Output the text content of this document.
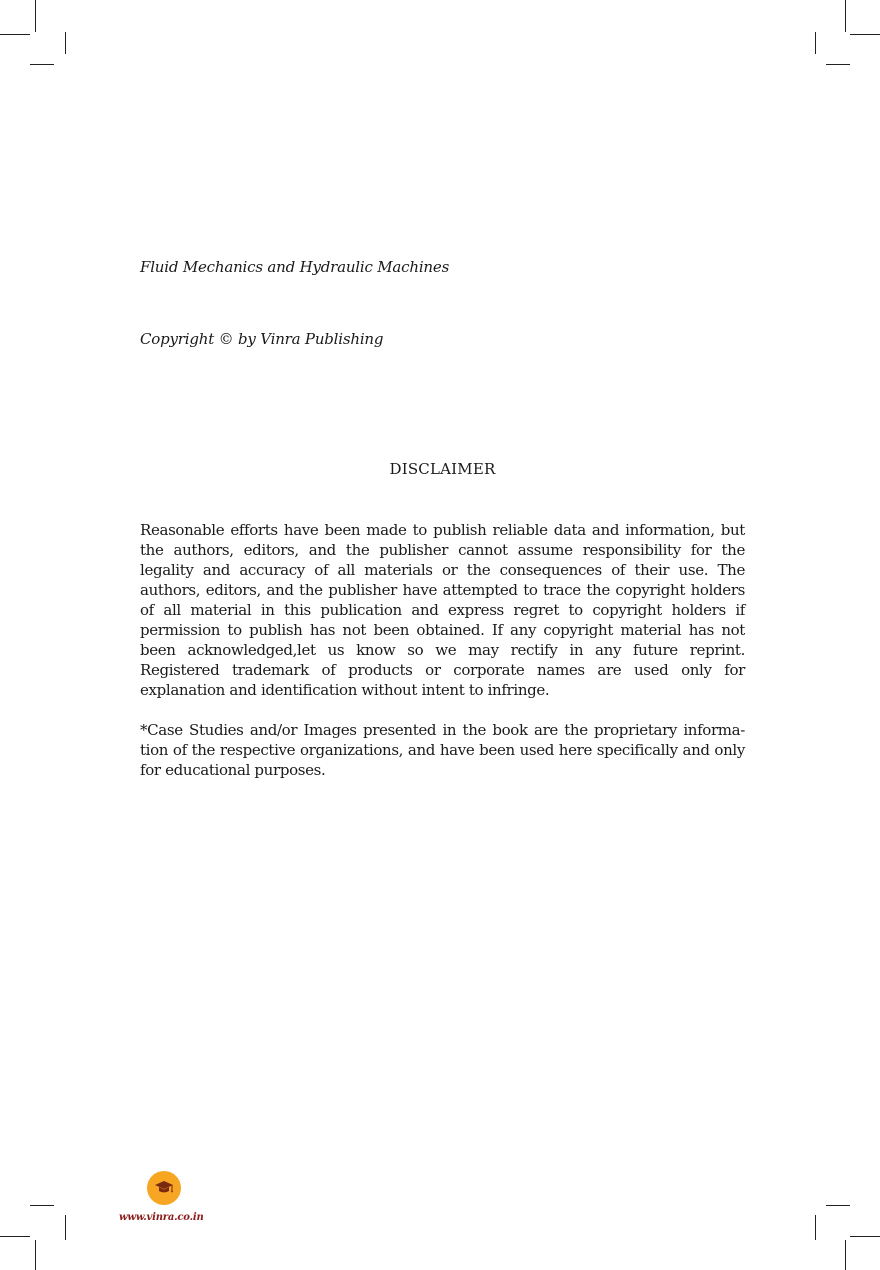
Fluid Mechanics and Hydraulic Machines
Copyright © by Vinra Publishing
DISCLAIMER

Reasonable efforts have been made to publish reliable data and information, but the authors, editors, and the publisher cannot assume responsibility for the legality and accuracy of all materials or the consequences of their use. The authors, editors, and the publisher have attempted to trace the copyright holders of all material in this publication and express regret to copyright holders if permission to publish has not been obtained. If any copyright material has not been acknowledged,let us know so we may rectify in any future reprint. Registered trademark of products or corporate names are used only for explanation and identification without intent to infringe.

*Case Studies and/or Images presented in the book are the proprietary informa-tion of the respective organizations, and have been used here specifically and only for educational purposes.

www.vinra.co.in
